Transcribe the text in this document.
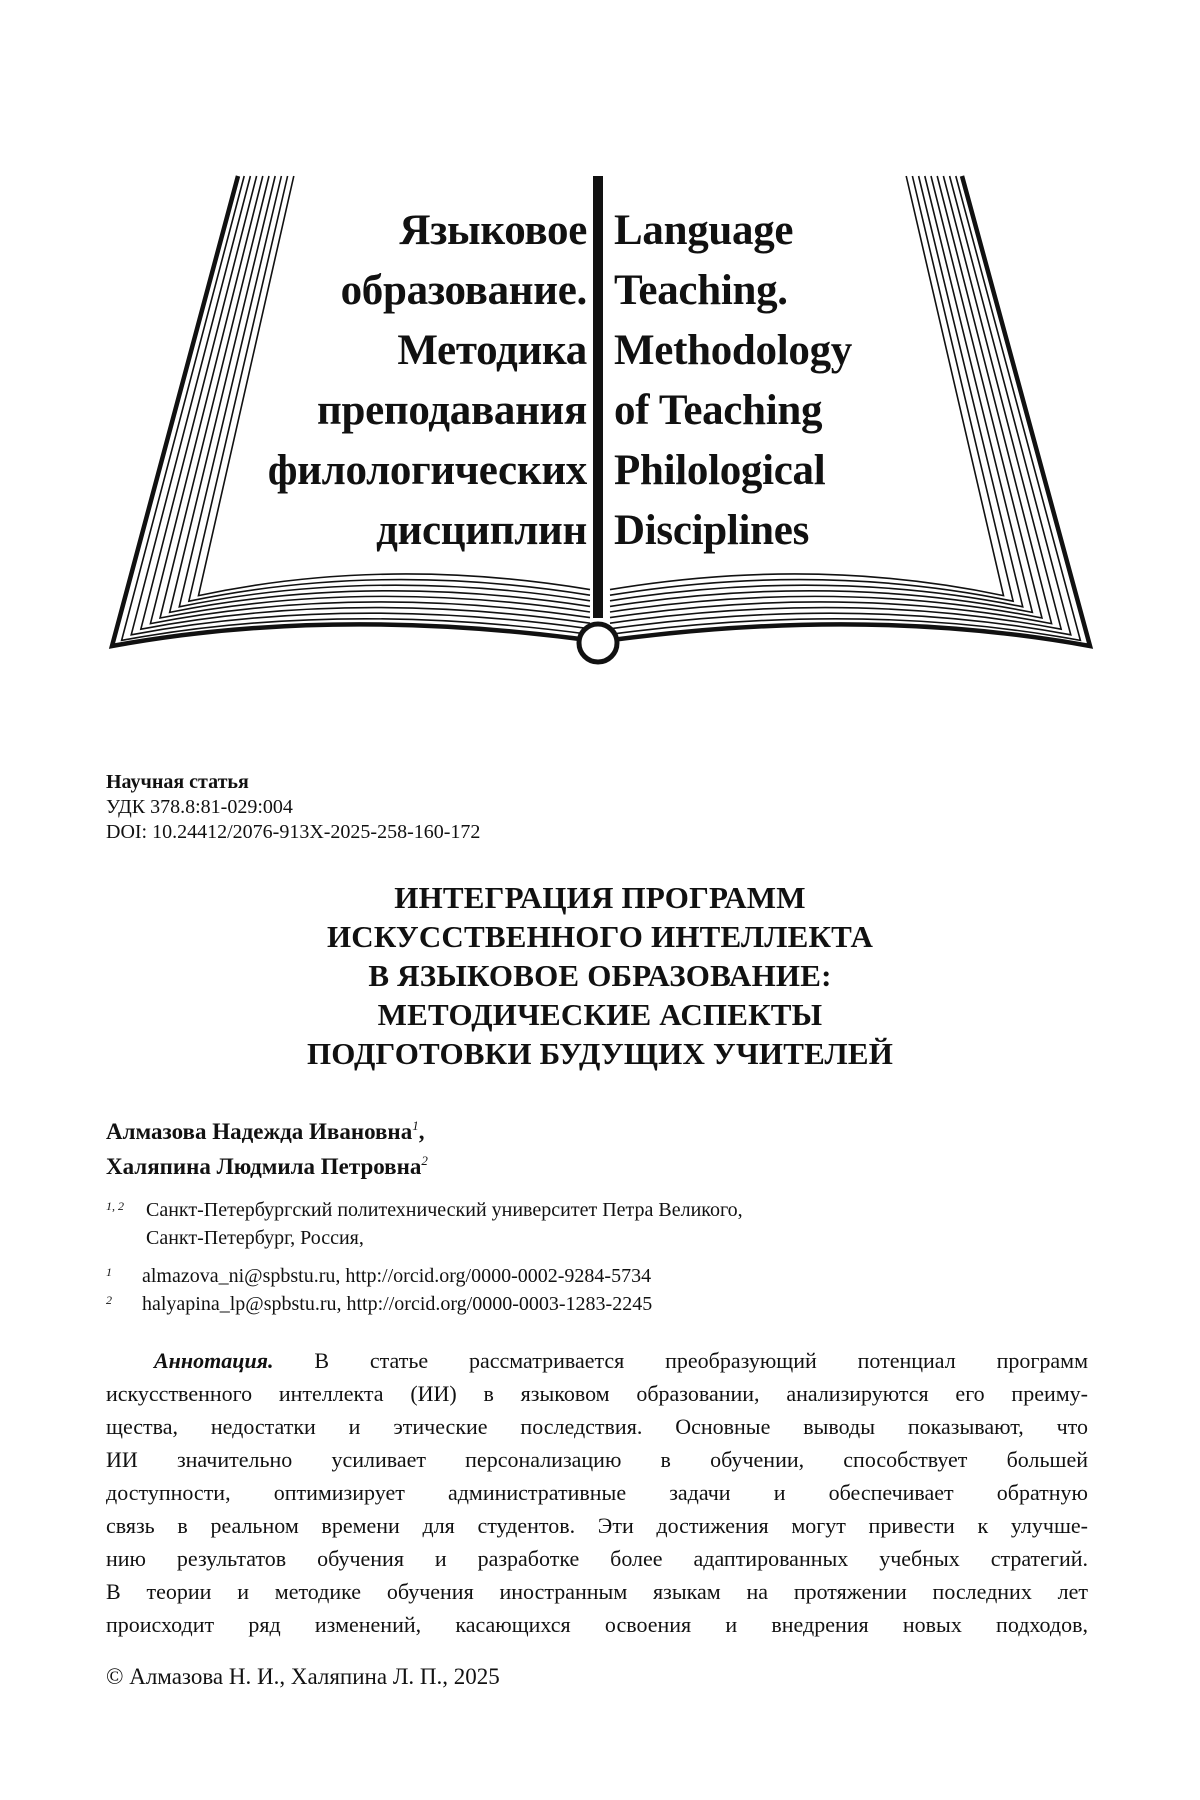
Языковое
образование.
Методика
преподавания
филологических
дисциплин
Language
Teaching.
Methodology
of Teaching
Philological
Disciplines
Научная статья
УДК 378.8:81-029:004
DOI: 10.24412/2076-913X-2025-258-160-172
ИНТЕГРАЦИЯ ПРОГРАММ
ИСКУССТВЕННОГО ИНТЕЛЛЕКТА
В ЯЗЫКОВОЕ ОБРАЗОВАНИЕ:
МЕТОДИЧЕСКИЕ АСПЕКТЫ
ПОДГОТОВКИ БУДУЩИХ УЧИТЕЛЕЙ
Алмазова Надежда Ивановна1,
Халяпина Людмила Петровна2
1, 2 Санкт-Петербургский политехнический университет Петра Великого,
Санкт-Петербург, Россия,
1 almazova_ni@spbstu.ru, http://orcid.org/0000-0002-9284-5734
2 halyapina_lp@spbstu.ru, http://orcid.org/0000-0003-1283-2245
Аннотация. В статье рассматривается преобразующий потенциал программ
искусственного интеллекта (ИИ) в языковом образовании, анализируются его преиму-
щества, недостатки и этические последствия. Основные выводы показывают, что
ИИ значительно усиливает персонализацию в обучении, способствует большей
доступности, оптимизирует административные задачи и обеспечивает обратную
связь в реальном времени для студентов. Эти достижения могут привести к улучше-
нию результатов обучения и разработке более адаптированных учебных стратегий.
В теории и методике обучения иностранным языкам на протяжении последних лет
происходит ряд изменений, касающихся освоения и внедрения новых подходов,
© Алмазова Н. И., Халяпина Л. П., 2025
